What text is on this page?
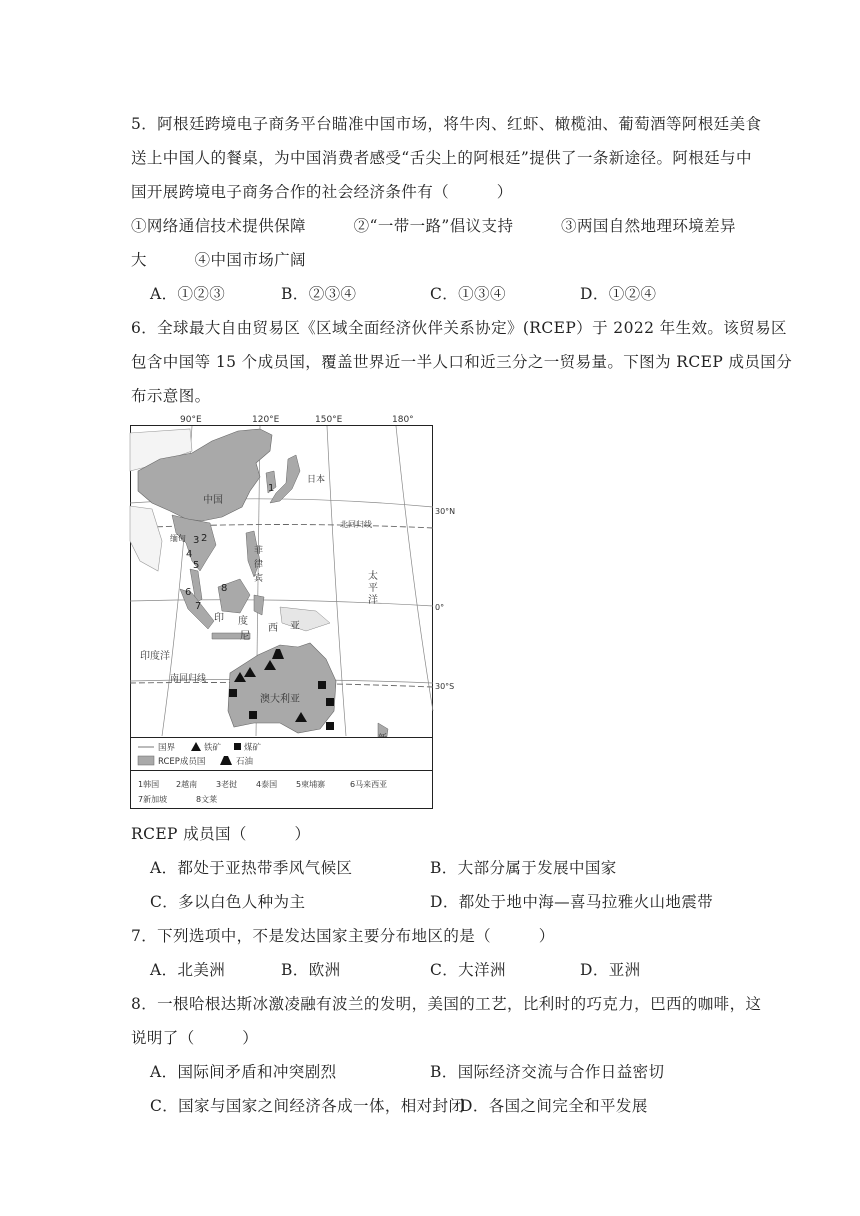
5．阿根廷跨境电子商务平台瞄准中国市场，将牛肉、红虾、橄榄油、葡萄酒等阿根廷美食
送上中国人的餐桌，为中国消费者感受“舌尖上的阿根廷”提供了一条新途径。阿根廷与中
国开展跨境电子商务合作的社会经济条件有（　　　）
①网络通信技术提供保障　　　②“一带一路”倡议支持　　　③两国自然地理环境差异
大　　　④中国市场广阔
A．①②③	B．②③④	C．①③④	D．①②④
6．全球最大自由贸易区《区域全面经济伙伴关系协定》(RCEP）于 2022 年生效。该贸易区
包含中国等 15 个成员国，覆盖世界近一半人口和近三分之一贸易量。下图为 RCEP 成员国分
布示意图。
90°E	120°E	150°E	180°
30°N
0°
30°S
中国
日本
缅甸
菲
律
宾
印 度
尼
西 亚
澳大利亚
太
平
洋
印度洋
北回归线
南回归线
1
2
3
4
5
6
7
8
国界	铁矿	煤矿
RCEP成员国	石油
1韩国 2越南 3老挝 4泰国 5柬埔寨	6马来西亚
7新加坡	8文莱
RCEP 成员国（　　　）
A．都处于亚热带季风气候区	B．大部分属于发展中国家
C．多以白色人种为主	D．都处于地中海—喜马拉雅火山地震带
7．下列选项中，不是发达国家主要分布地区的是（　　　）
A．北美洲	B．欧洲	C．大洋洲	D．亚洲
8．一根哈根达斯冰激凌融有波兰的发明，美国的工艺，比利时的巧克力，巴西的咖啡，这
说明了（　　　）
A．国际间矛盾和冲突剧烈	B．国际经济交流与合作日益密切
C．国家与国家之间经济各成一体，相对封闭
D．各国之间完全和平发展
